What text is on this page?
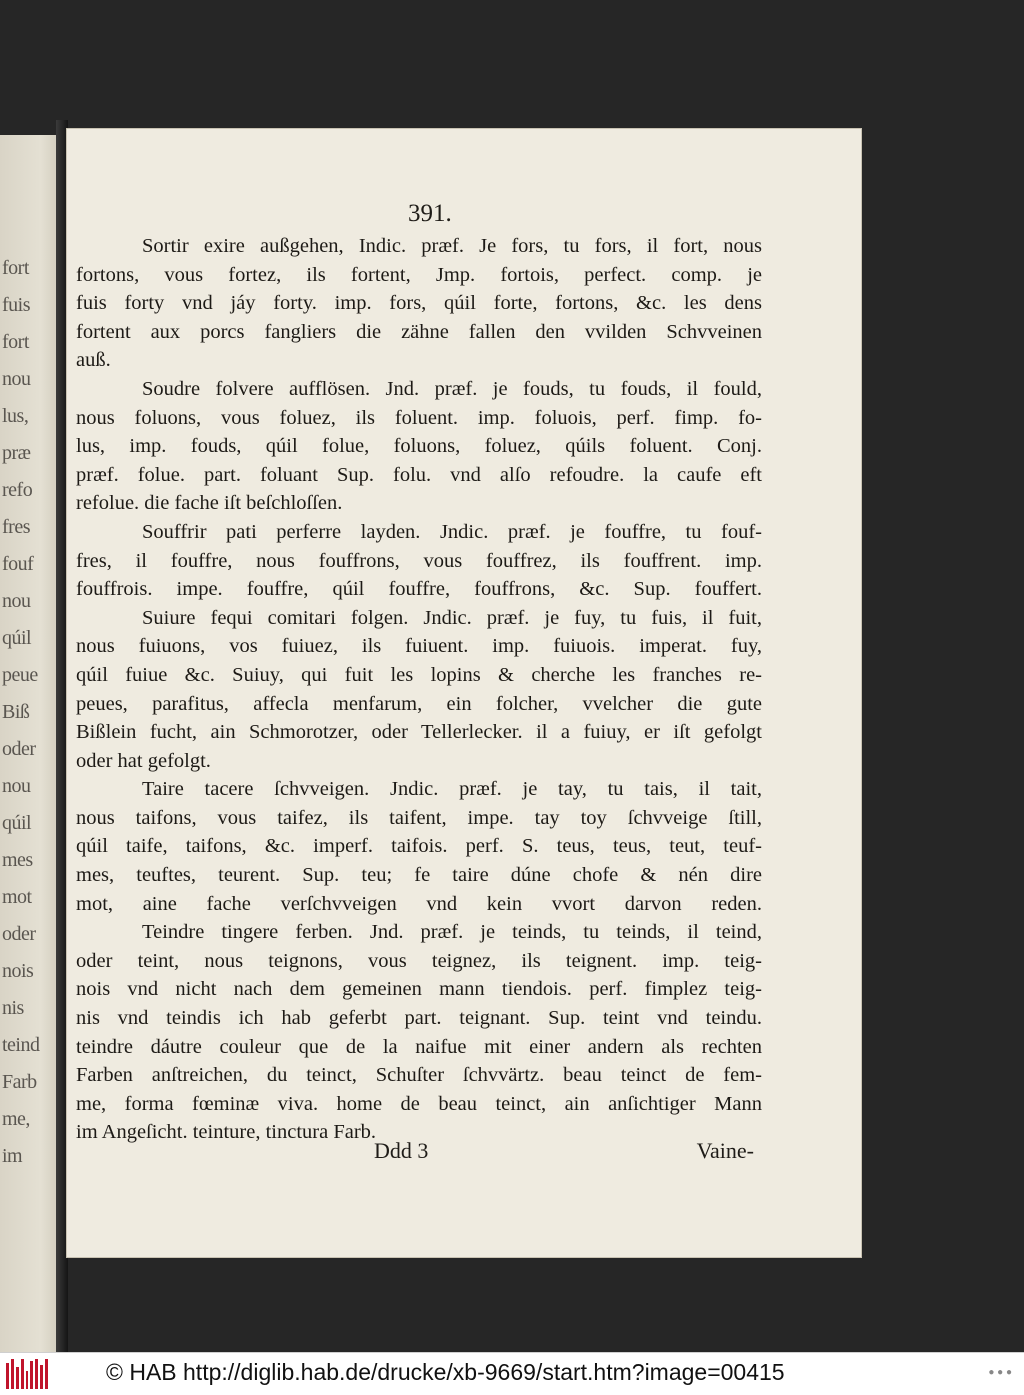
fort
fuis
fort
nou
lus,
præ
refo
fres
fouf
nou
qúil
peue
Biß
oder
nou
qúil
mes
mot
oder
nois
nis
teind
Farb
me,
im
391.
Sortir exire außgehen, Indic. præf. Je fors, tu fors, il fort, nous
fortons, vous fortez, ils fortent, Jmp. fortois, perfect. comp. je
fuis forty vnd jáy forty. imp. fors, qúil forte, fortons, &c. les dens
fortent aux porcs fangliers die zähne fallen den vvilden Schvveinen
auß.
Soudre folvere aufflösen. Jnd. præf. je fouds, tu fouds, il fould,
nous foluons, vous foluez, ils foluent. imp. foluois, perf. fimp. fo-
lus, imp. fouds, qúil folue, foluons, foluez, qúils foluent. Conj.
præf. folue. part. foluant Sup. folu. vnd alſo refoudre. la caufe eft
refolue. die fache iſt beſchloſſen.
Souffrir pati perferre layden. Jndic. præf. je fouffre, tu fouf-
fres, il fouffre, nous fouffrons, vous fouffrez, ils fouffrent. imp.
fouffrois. impe. fouffre, qúil fouffre, fouffrons, &c. Sup. fouffert.
Suiure fequi comitari folgen. Jndic. præf. je fuy, tu fuis, il fuit,
nous fuiuons, vos fuiuez, ils fuiuent. imp. fuiuois. imperat. fuy,
qúil fuiue &c. Suiuy, qui fuit les lopins & cherche les franches re-
peues, parafitus, affecla menfarum, ein folcher, vvelcher die gute
Bißlein fucht, ain Schmorotzer, oder Tellerlecker. il a fuiuy, er iſt gefolgt
oder hat gefolgt.
Taire tacere ſchvveigen. Jndic. præf. je tay, tu tais, il tait,
nous taifons, vous taifez, ils taifent, impe. tay toy ſchvveige ſtill,
qúil taife, taifons, &c. imperf. taifois. perf. S. teus, teus, teut, teuf-
mes, teuftes, teurent. Sup. teu; fe taire dúne chofe & nén dire
mot, aine fache verſchvveigen vnd kein vvort darvon reden.
Teindre tingere ferben. Jnd. præf. je teinds, tu teinds, il teind,
oder teint, nous teignons, vous teignez, ils teignent. imp. teig-
nois vnd nicht nach dem gemeinen mann tiendois. perf. fimplez teig-
nis vnd teindis ich hab geferbt part. teignant. Sup. teint vnd teindu.
teindre dáutre couleur que de la naifue mit einer andern als rechten
Farben anſtreichen, du teinct, Schuſter ſchvvärtz. beau teinct de fem-
me, forma fœminæ viva. home de beau teinct, ain anſichtiger Mann
im Angeſicht. teinture, tinctura Farb.
Ddd 3	Vaine-
© HAB http://diglib.hab.de/drucke/xb-9669/start.htm?image=00415	● ● ●
